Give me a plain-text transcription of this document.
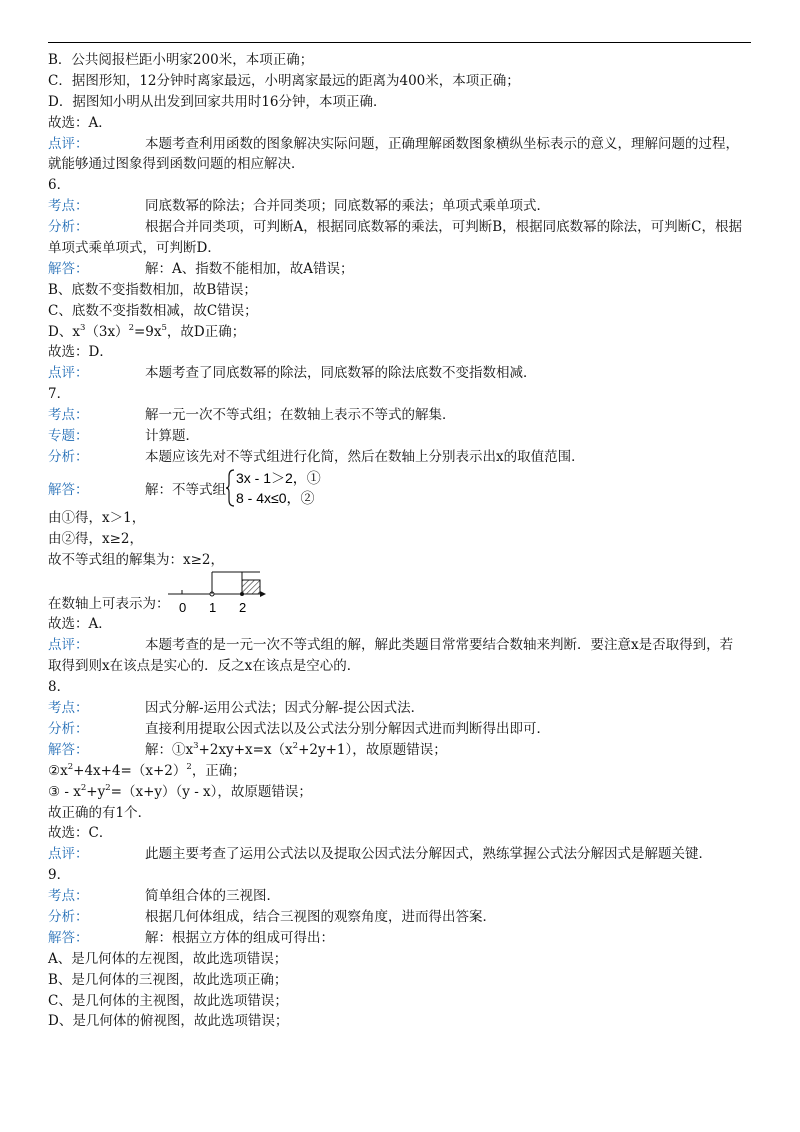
B．公共阅报栏距小明家200米，本项正确；
C．据图形知，12分钟时离家最远，小明离家最远的距离为400米，本项正确；
D．据图知小明从出发到回家共用时16分钟，本项正确．
故选：A．
点评：	本题考查利用函数的图象解决实际问题，正确理解函数图象横纵坐标表示的意义，理解问题的过程，
就能够通过图象得到函数问题的相应解决．
6．
考点：	同底数幂的除法；合并同类项；同底数幂的乘法；单项式乘单项式．
分析：	根据合并同类项，可判断A，根据同底数幂的乘法，可判断B，根据同底数幂的除法，可判断C，根据
单项式乘单项式，可判断D．
解答：	解：A、指数不能相加，故A错误；
B、底数不变指数相加，故B错误；
C、底数不变指数相减，故C错误；
D、$x^3(3x)^2=9x^5$，故D正确；
故选：D．
点评：	本题考查了同底数幂的除法，同底数幂的除法底数不变指数相减．
7．
考点：	解一元一次不等式组；在数轴上表示不等式的解集．
专题：	计算题．
分析：	本题应该先对不等式组进行化简，然后在数轴上分别表示出x的取值范围．
解答：	解：不等式组
3x - 1＞2，①
8 - 4x≤0，②
由①得，x＞1，
由②得，x≥2，
故不等式组的解集为：x≥2，
在数轴上可表示为： 0 1 2
故选：A．
点评：	本题考查的是一元一次不等式组的解，解此类题目常常要结合数轴来判断．要注意x是否取得到，若
取得到则x在该点是实心的．反之x在该点是空心的．
8．
考点：	因式分解-运用公式法；因式分解-提公因式法．
分析：	直接利用提取公因式法以及公式法分别分解因式进而判断得出即可．
解答：	解：$①x^3+2xy+x=x(x^2+2y+1)$，故原题错误；
$②x^2+4x+4=(x+2)^2$，正确；
③ - $x^2+y^2=(x+y)(y - x)$，故原题错误；
故正确的有1个．
故选：C．
点评：	此题主要考查了运用公式法以及提取公因式法分解因式，熟练掌握公式法分解因式是解题关键．
9．
考点：	简单组合体的三视图．
分析：	根据几何体组成，结合三视图的观察角度，进而得出答案．
解答：	解：根据立方体的组成可得出：
A、是几何体的左视图，故此选项错误；
B、是几何体的三视图，故此选项正确；
C、是几何体的主视图，故此选项错误；
D、是几何体的俯视图，故此选项错误；
